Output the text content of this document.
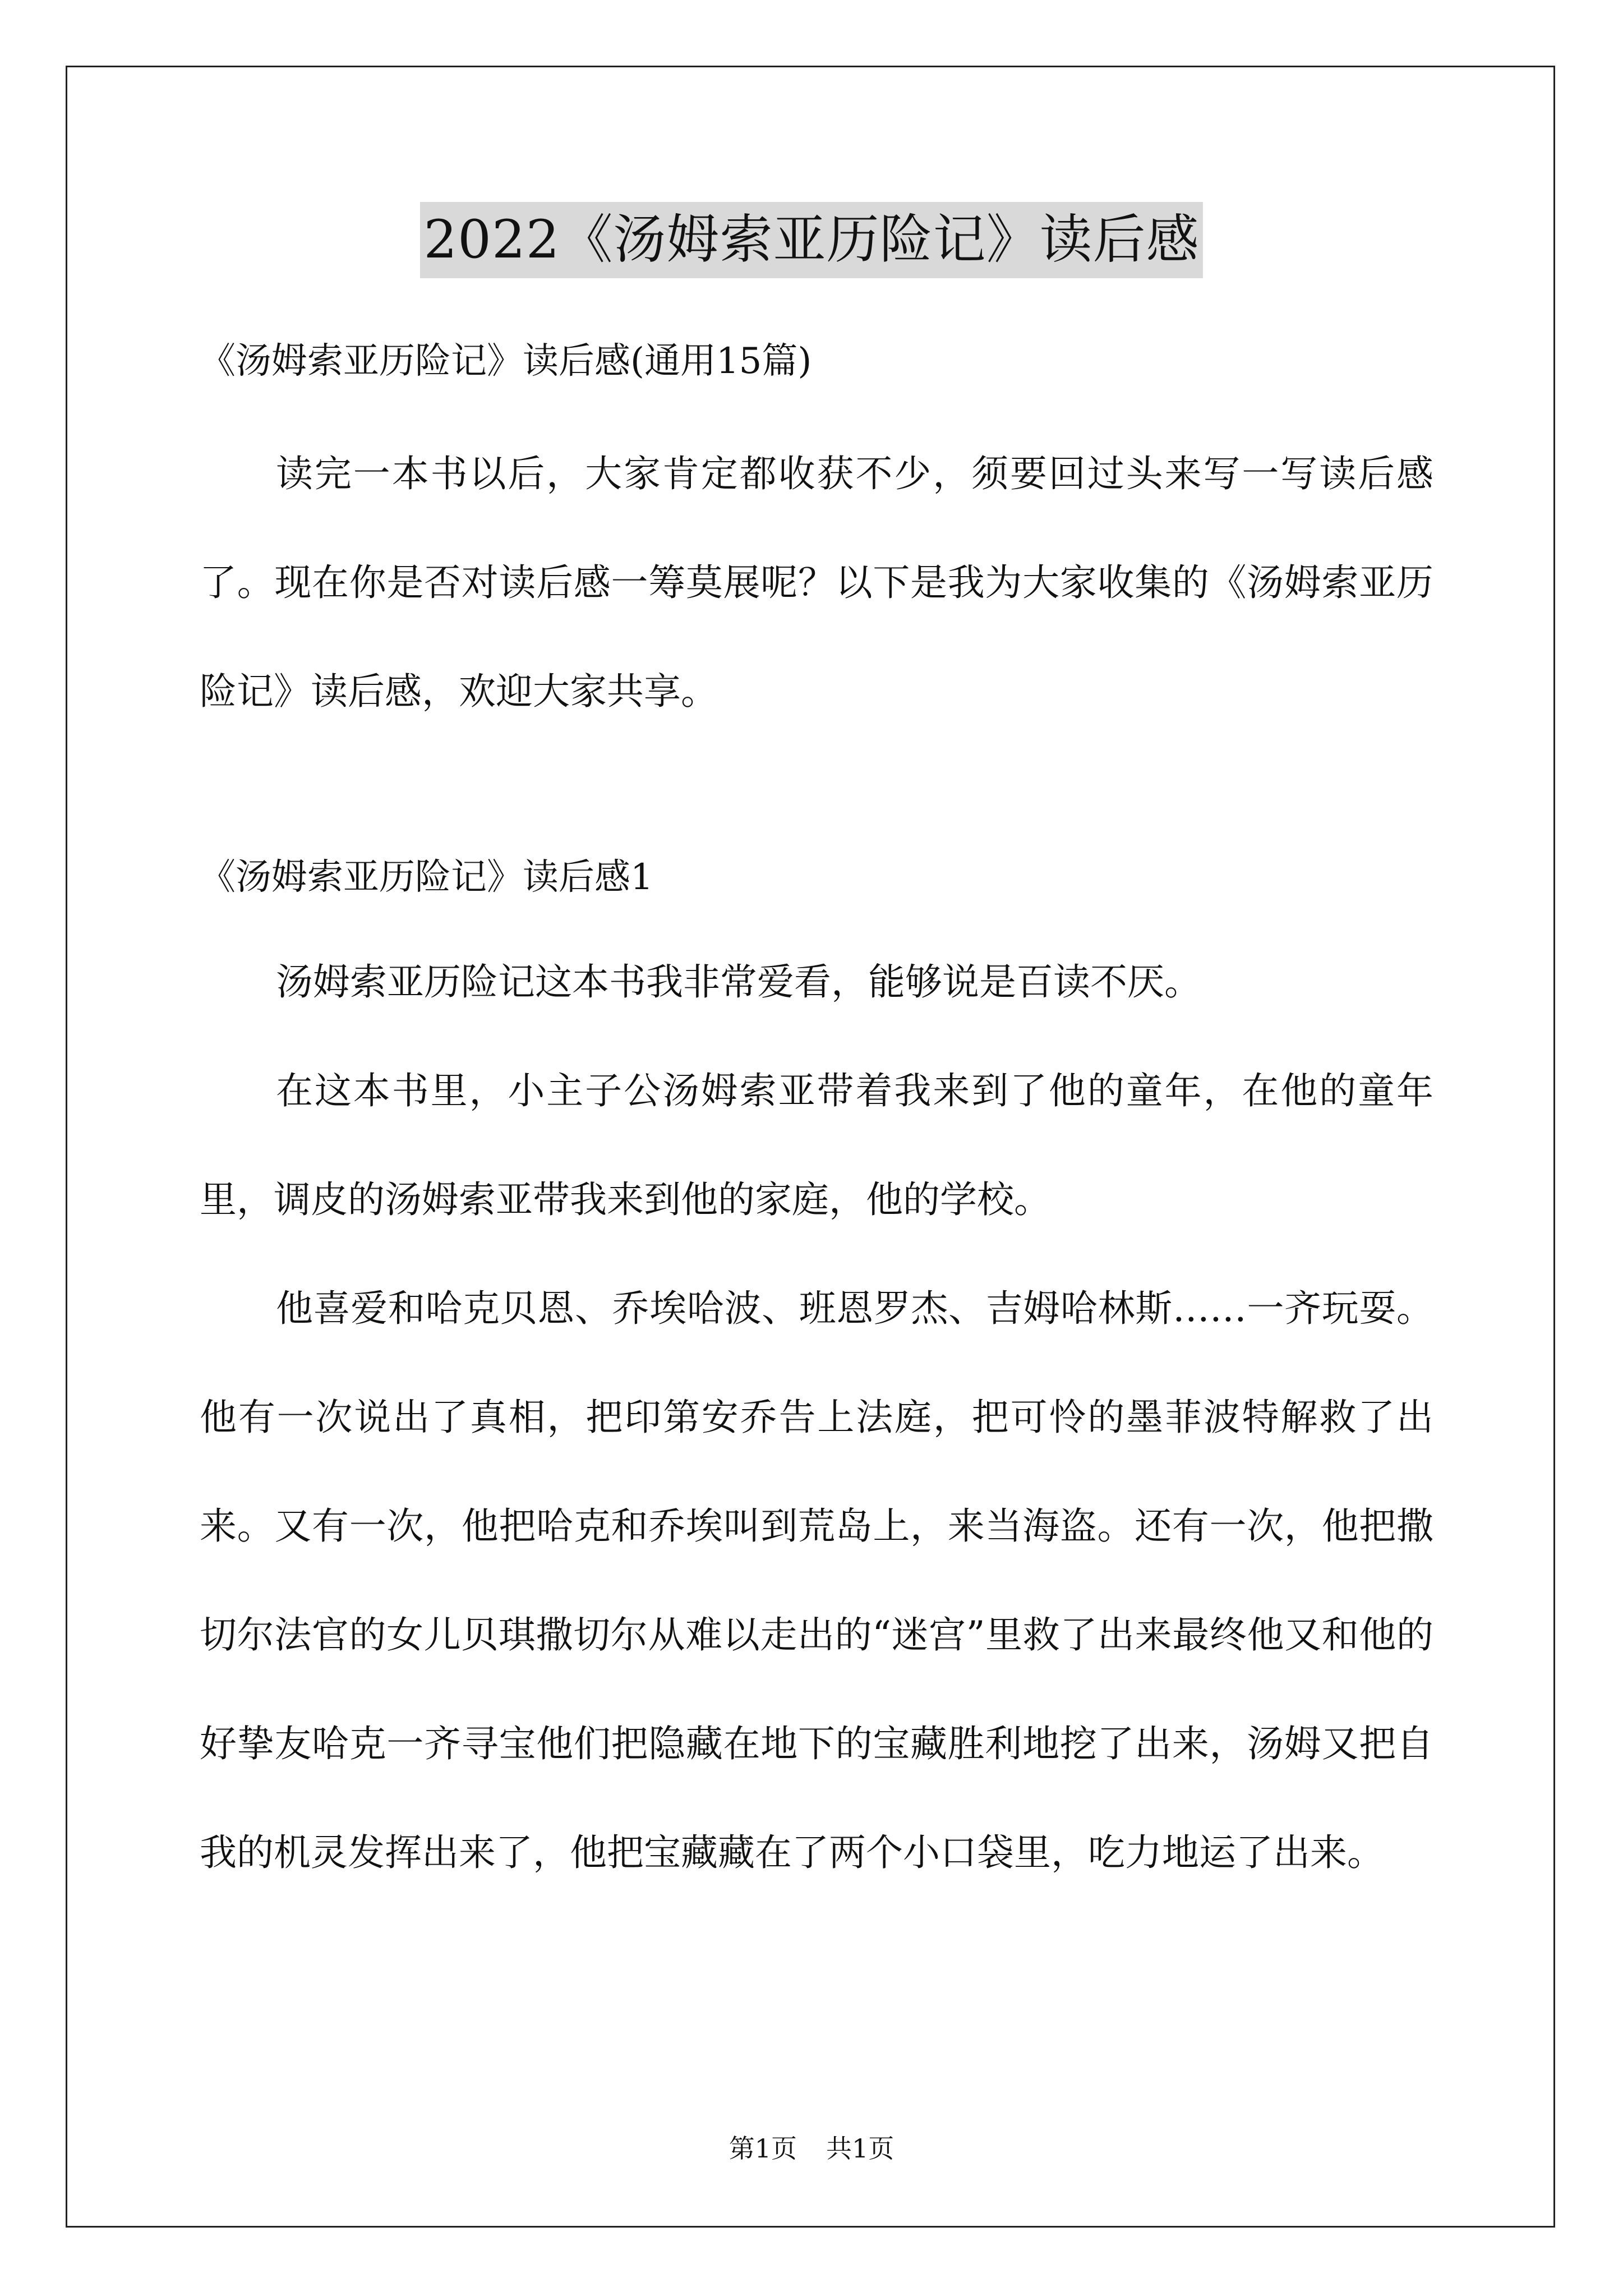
2022《汤姆索亚历险记》读后感

《汤姆索亚历险记》读后感(通用15篇)

读完一本书以后，大家肯定都收获不少，须要回过头来写一写读后感了。现在你是否对读后感一筹莫展呢？以下是我为大家收集的《汤姆索亚历险记》读后感，欢迎大家共享。

《汤姆索亚历险记》读后感1

汤姆索亚历险记这本书我非常爱看，能够说是百读不厌。

在这本书里，小主子公汤姆索亚带着我来到了他的童年，在他的童年里，调皮的汤姆索亚带我来到他的家庭，他的学校。

他喜爱和哈克贝恩、乔埃哈波、班恩罗杰、吉姆哈林斯……一齐玩耍。他有一次说出了真相，把印第安乔告上法庭，把可怜的墨菲波特解救了出来。又有一次，他把哈克和乔埃叫到荒岛上，来当海盗。还有一次，他把撒切尔法官的女儿贝琪撒切尔从难以走出的“迷宫”里救了出来最终他又和他的好挚友哈克一齐寻宝他们把隐藏在地下的宝藏胜利地挖了出来，汤姆又把自我的机灵发挥出来了，他把宝藏藏在了两个小口袋里，吃力地运了出来。

第1页 共1页
